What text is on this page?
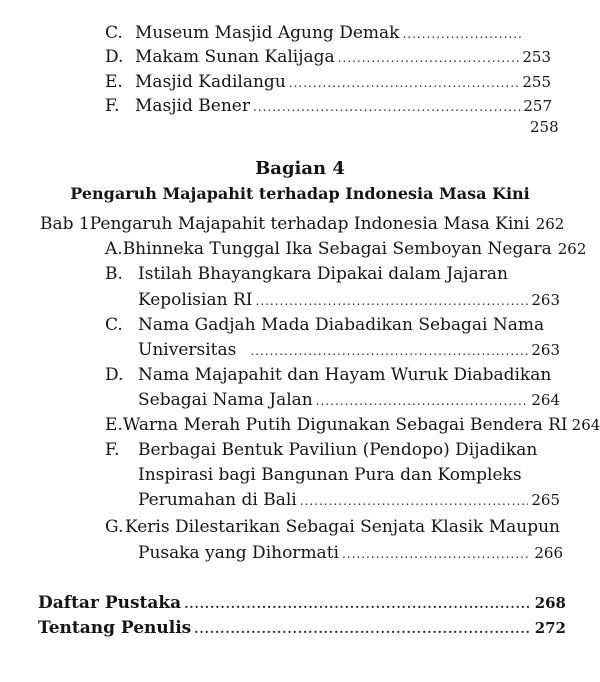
C. Museum Masjid Agung Demak
.....
D. Makam Sunan Kalijaga .....	253
E. Masjid Kadilangu .....	255
F. Masjid Bener .....	257
258
Bagian 4
Pengaruh Majapahit terhadap Indonesia Masa Kini
Bab 1 Pengaruh Majapahit terhadap Indonesia Masa Kini 262
A. Bhinneka Tunggal Ika Sebagai Semboyan Negara 262
B. Istilah Bhayangkara Dipakai dalam Jajaran
Kepolisian RI .....	263
C. Nama Gadjah Mada Diabadikan Sebagai Nama
Universitas .....	263
D. Nama Majapahit dan Hayam Wuruk Diabadikan
Sebagai Nama Jalan .....	264
E. Warna Merah Putih Digunakan Sebagai Bendera RI 264
F.	Berbagai Bentuk Paviliun (Pendopo) Dijadikan
Inspirasi bagi Bangunan Pura dan Kompleks
Perumahan di Bali .....	265
G. Keris Dilestarikan Sebagai Senjata Klasik Maupun
Pusaka yang Dihormati .....	266
Daftar Pustaka .....	268
Tentang Penulis .....	272
